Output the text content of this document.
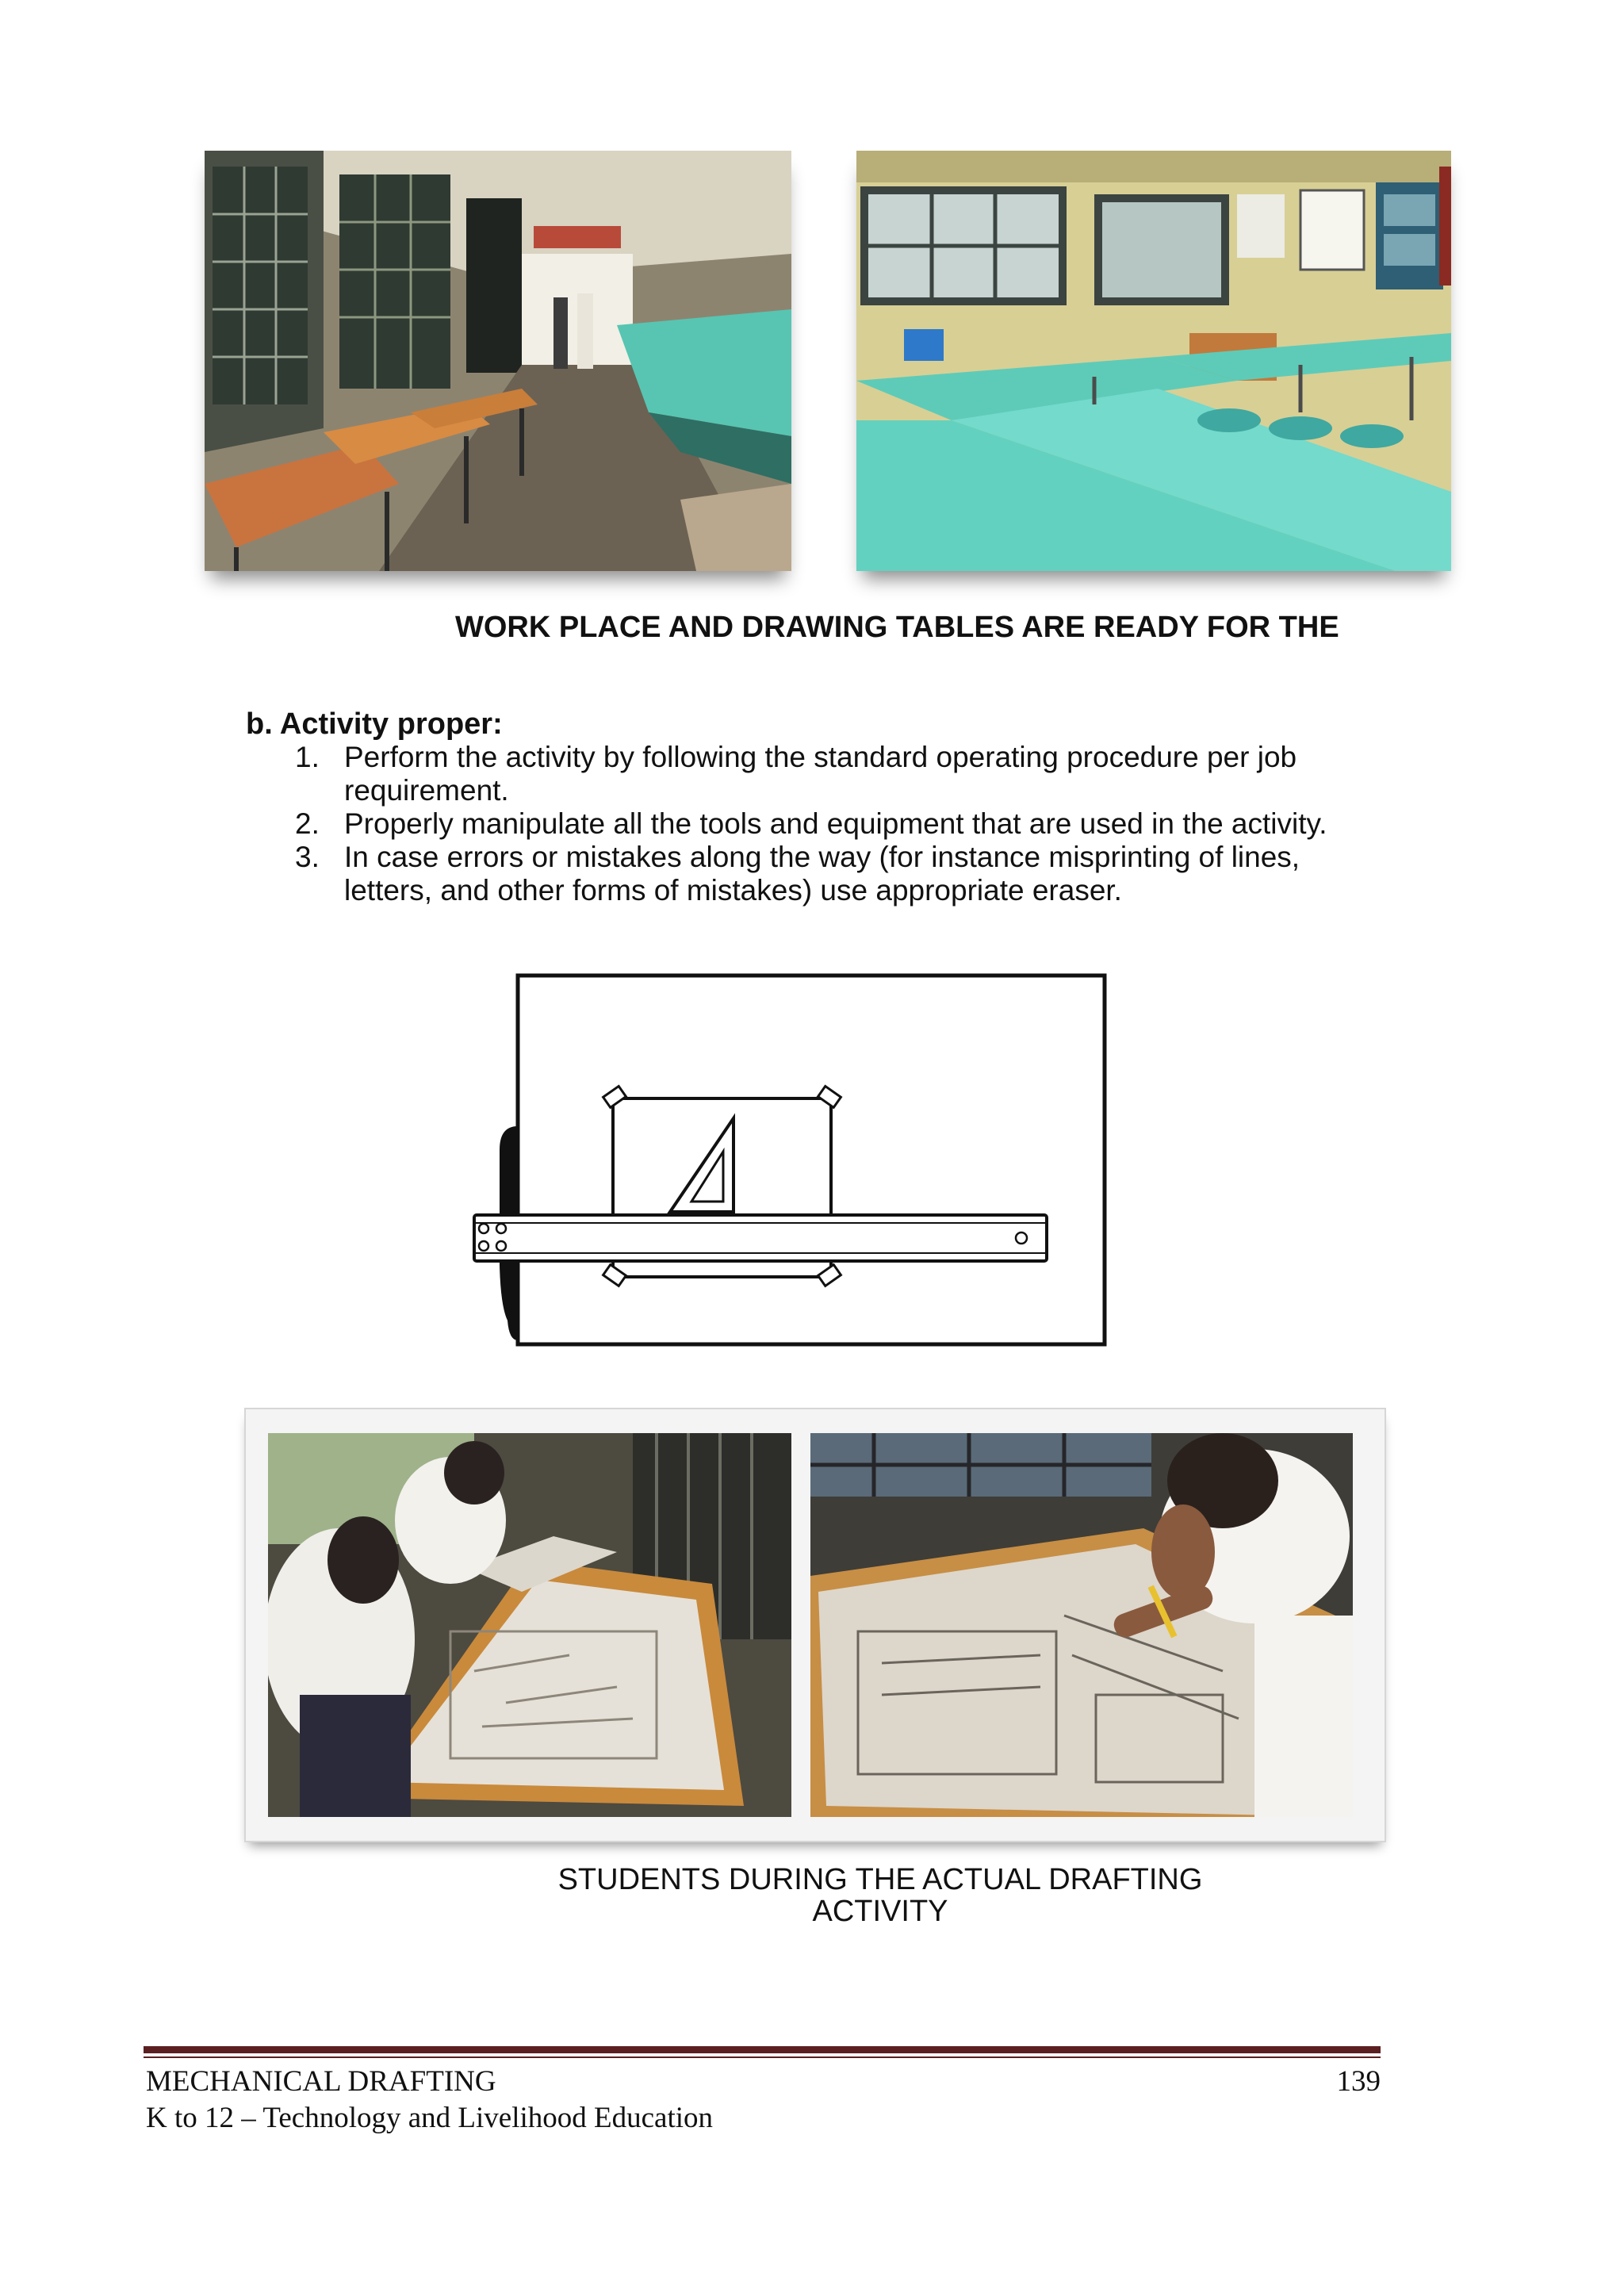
WORK PLACE AND DRAWING TABLES ARE READY FOR THE
b. Activity proper:
1. Perform the activity by following the standard operating procedure per job requirement.
2. Properly manipulate all the tools and equipment that are used in the activity.
3. In case errors or mistakes along the way (for instance misprinting of lines, letters, and other forms of mistakes) use appropriate eraser.
STUDENTS DURING THE ACTUAL DRAFTING
ACTIVITY
MECHANICAL DRAFTING
K to 12 – Technology and Livelihood Education
139
